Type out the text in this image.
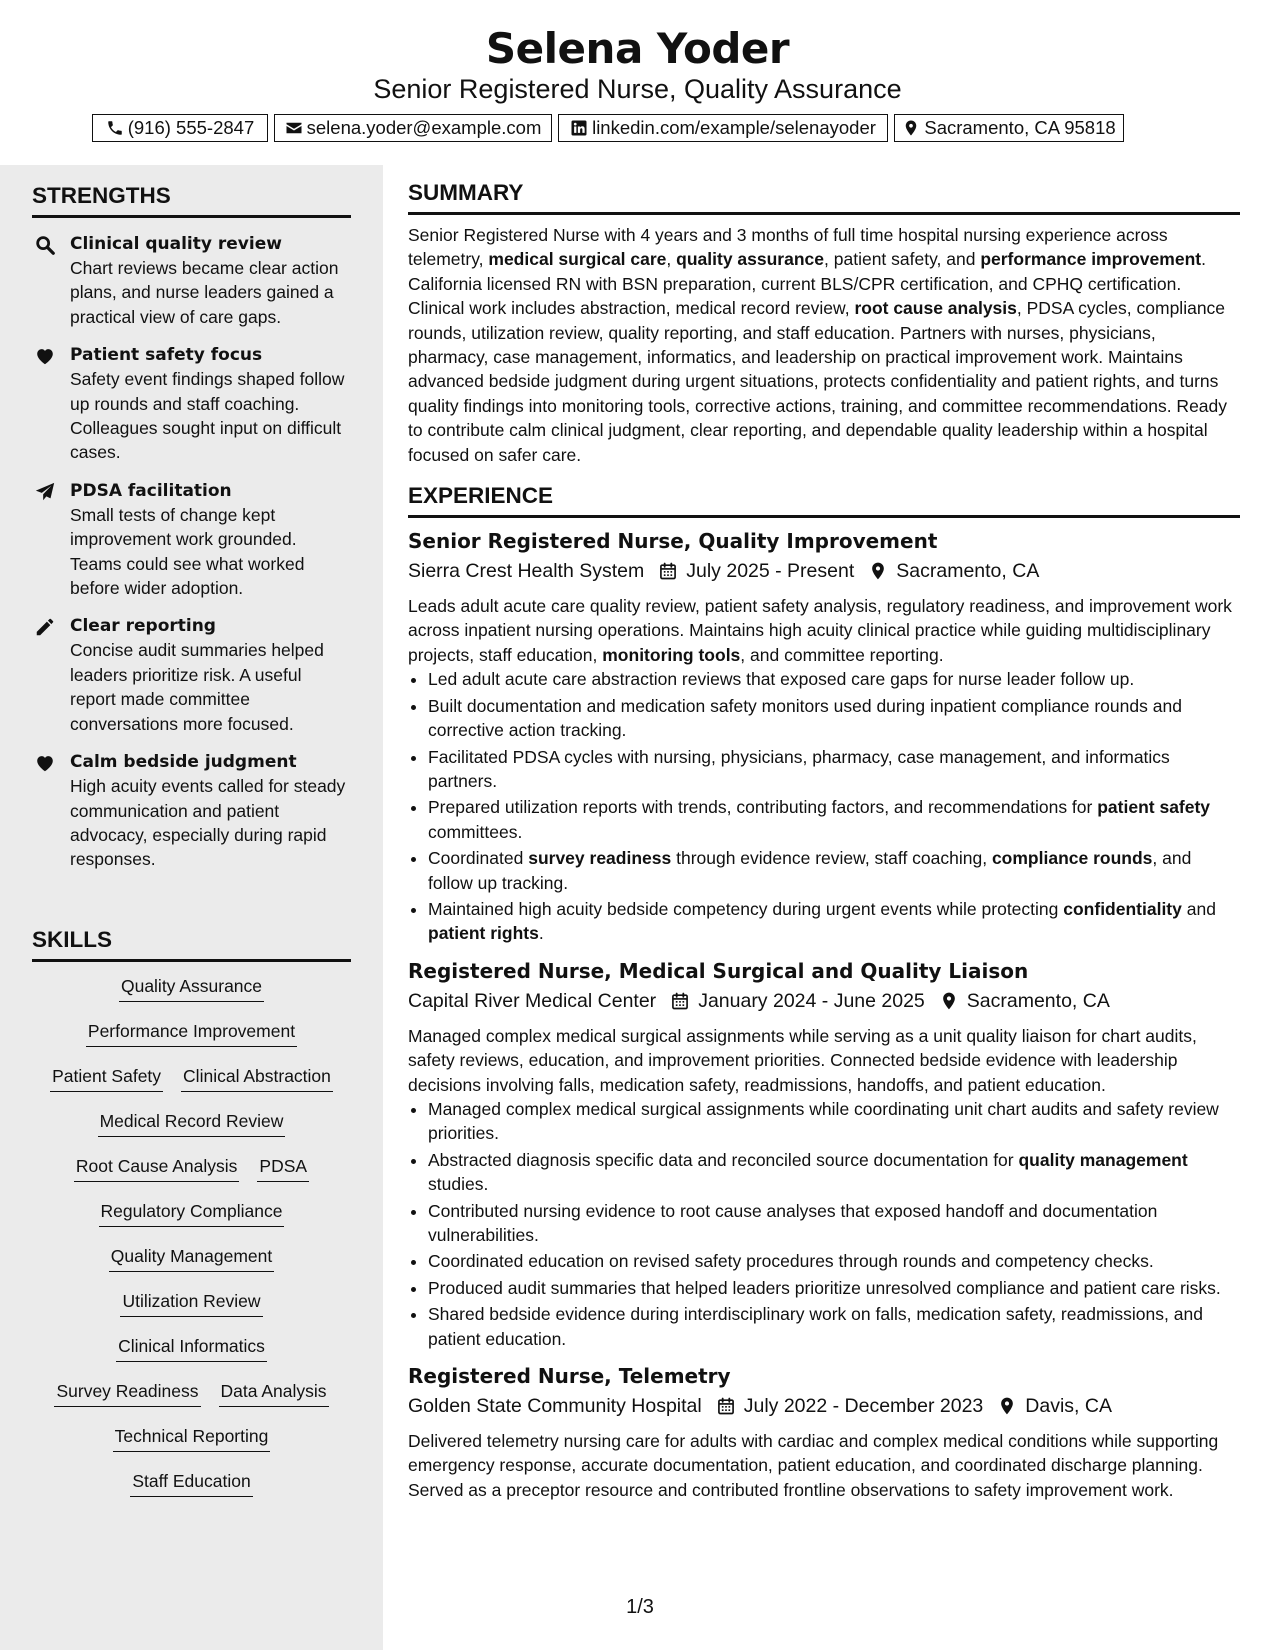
Selena Yoder
Senior Registered Nurse, Quality Assurance
(916) 555-2847	selena.yoder@example.com	linkedin.com/example/selenayoder	Sacramento, CA 95818
STRENGTHS
Clinical quality review
Chart reviews became clear action plans, and nurse leaders gained a practical view of care gaps.
Patient safety focus
Safety event findings shaped follow up rounds and staff coaching. Colleagues sought input on difficult cases.
PDSA facilitation
Small tests of change kept improvement work grounded. Teams could see what worked before wider adoption.
Clear reporting
Concise audit summaries helped leaders prioritize risk. A useful report made committee conversations more focused.
Calm bedside judgment
High acuity events called for steady communication and patient advocacy, especially during rapid responses.
SKILLS
Quality Assurance
Performance Improvement
Patient Safety Clinical Abstraction
Medical Record Review
Root Cause Analysis PDSA
Regulatory Compliance
Quality Management
Utilization Review
Clinical Informatics
Survey Readiness Data Analysis
Technical Reporting
Staff Education
SUMMARY

Senior Registered Nurse with 4 years and 3 months of full time hospital nursing experience across telemetry, medical surgical care, quality assurance, patient safety, and performance improvement. California licensed RN with BSN preparation, current BLS/CPR certification, and CPHQ certification. Clinical work includes abstraction, medical record review, root cause analysis, PDSA cycles, compliance rounds, utilization review, quality reporting, and staff education. Partners with nurses, physicians, pharmacy, case management, informatics, and leadership on practical improvement work. Maintains advanced bedside judgment during urgent situations, protects confidentiality and patient rights, and turns quality findings into monitoring tools, corrective actions, training, and committee recommendations. Ready to contribute calm clinical judgment, clear reporting, and dependable quality leadership within a hospital focused on safer care.

EXPERIENCE
Senior Registered Nurse, Quality Improvement
Sierra Crest Health System July 2025 - Present Sacramento, CA

Leads adult acute care quality review, patient safety analysis, regulatory readiness, and improvement work across inpatient nursing operations. Maintains high acuity clinical practice while guiding multidisciplinary projects, staff education, monitoring tools, and committee reporting.

• Led adult acute care abstraction reviews that exposed care gaps for nurse leader follow up.
• Built documentation and medication safety monitors used during inpatient compliance rounds and corrective action tracking.
• Facilitated PDSA cycles with nursing, physicians, pharmacy, case management, and informatics partners.
• Prepared utilization reports with trends, contributing factors, and recommendations for patient safety committees.
• Coordinated survey readiness through evidence review, staff coaching, compliance rounds, and follow up tracking.
• Maintained high acuity bedside competency during urgent events while protecting confidentiality and patient rights.
Registered Nurse, Medical Surgical and Quality Liaison
Capital River Medical Center January 2024 - June 2025 Sacramento, CA

Managed complex medical surgical assignments while serving as a unit quality liaison for chart audits, safety reviews, education, and improvement priorities. Connected bedside evidence with leadership decisions involving falls, medication safety, readmissions, handoffs, and patient education.

• Managed complex medical surgical assignments while coordinating unit chart audits and safety review priorities.
• Abstracted diagnosis specific data and reconciled source documentation for quality management studies.
• Contributed nursing evidence to root cause analyses that exposed handoff and documentation vulnerabilities.
• Coordinated education on revised safety procedures through rounds and competency checks.
• Produced audit summaries that helped leaders prioritize unresolved compliance and patient care risks.
• Shared bedside evidence during interdisciplinary work on falls, medication safety, readmissions, and patient education.
Registered Nurse, Telemetry
Golden State Community Hospital July 2022 - December 2023 Davis, CA

Delivered telemetry nursing care for adults with cardiac and complex medical conditions while supporting emergency response, accurate documentation, patient education, and coordinated discharge planning. Served as a preceptor resource and contributed frontline observations to safety improvement work.

1/3
